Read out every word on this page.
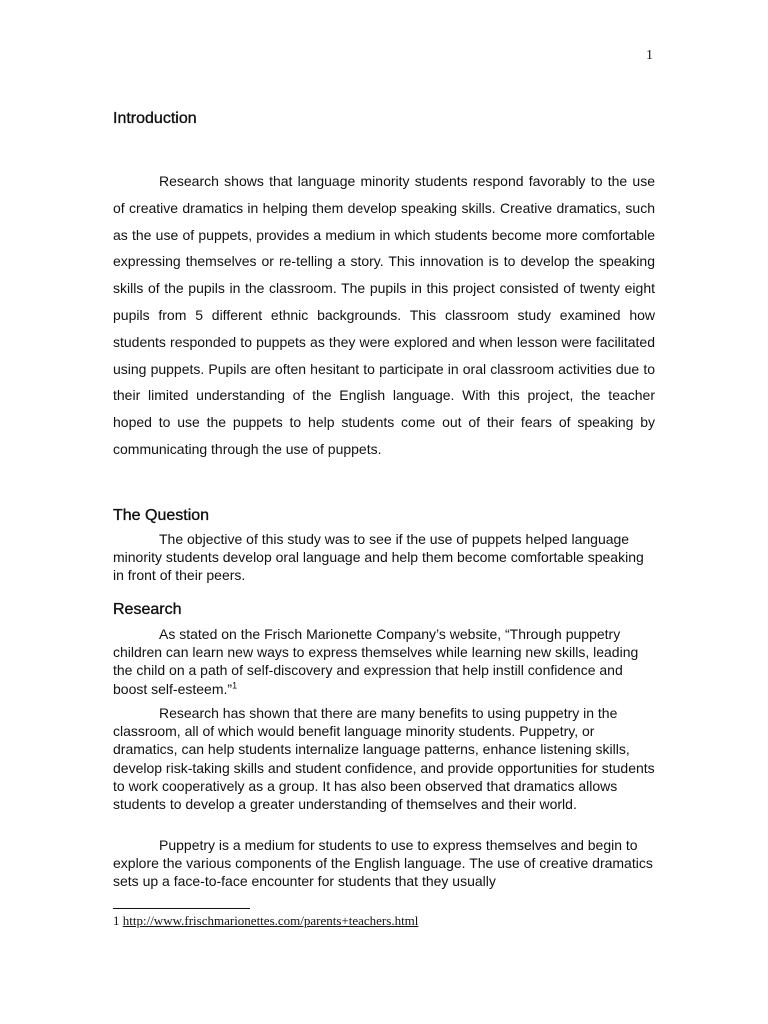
1
Introduction

Research shows that language minority students respond favorably to the use of creative dramatics in helping them develop speaking skills. Creative dramatics, such as the use of puppets, provides a medium in which students become more comfortable expressing themselves or re-telling a story. This innovation is to develop the speaking skills of the pupils in the classroom. The pupils in this project consisted of twenty eight pupils from 5 different ethnic backgrounds. This classroom study examined how students responded to puppets as they were explored and when lesson were facilitated using puppets. Pupils are often hesitant to participate in oral classroom activities due to their limited understanding of the English language. With this project, the teacher hoped to use the puppets to help students come out of their fears of speaking by communicating through the use of puppets.

The Question

The objective of this study was to see if the use of puppets helped language minority students develop oral language and help them become comfortable speaking in front of their peers.

Research

As stated on the Frisch Marionette Company’s website, “Through puppetry children can learn new ways to express themselves while learning new skills, leading the child on a path of self-discovery and expression that help instill confidence and boost self-esteem.”$^1$

Research has shown that there are many benefits to using puppetry in the classroom, all of which would benefit language minority students. Puppetry, or dramatics, can help students internalize language patterns, enhance listening skills, develop risk-taking skills and student confidence, and provide opportunities for students to work cooperatively as a group. It has also been observed that dramatics allows students to develop a greater understanding of themselves and their world.

Puppetry is a medium for students to use to express themselves and begin to explore the various components of the English language. The use of creative dramatics sets up a face-to-face encounter for students that they usually

1 http://www.frischmarionettes.com/parents+teachers.html
